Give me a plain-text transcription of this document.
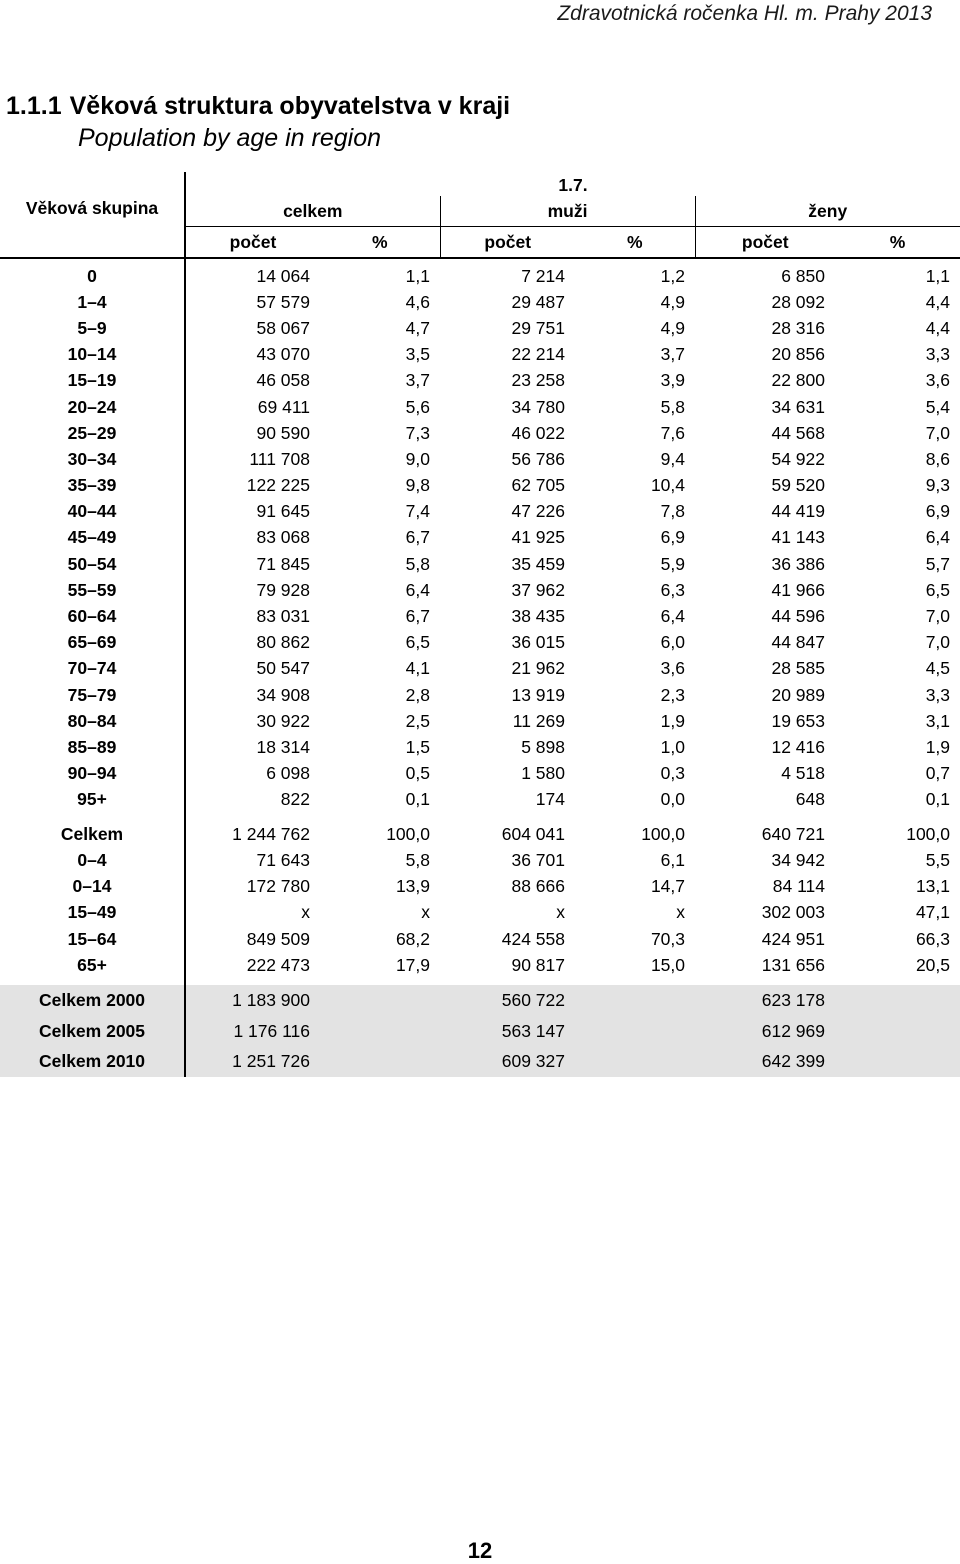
Zdravotnická ročenka Hl. m. Prahy 2013
1.1.1 Věková struktura obyvatelstva v kraji
Population by age in region
Věková skupina	1.7.					
	celkem		muži		ženy	
	počet	%	počet	%	počet	%
0	14 064	1,1	7 214	1,2	6 850	1,1
1–4	57 579	4,6	29 487	4,9	28 092	4,4
5–9	58 067	4,7	29 751	4,9	28 316	4,4
10–14	43 070	3,5	22 214	3,7	20 856	3,3
15–19	46 058	3,7	23 258	3,9	22 800	3,6
20–24	69 411	5,6	34 780	5,8	34 631	5,4
25–29	90 590	7,3	46 022	7,6	44 568	7,0
30–34	111 708	9,0	56 786	9,4	54 922	8,6
35–39	122 225	9,8	62 705	10,4	59 520	9,3
40–44	91 645	7,4	47 226	7,8	44 419	6,9
45–49	83 068	6,7	41 925	6,9	41 143	6,4
50–54	71 845	5,8	35 459	5,9	36 386	5,7
55–59	79 928	6,4	37 962	6,3	41 966	6,5
60–64	83 031	6,7	38 435	6,4	44 596	7,0
65–69	80 862	6,5	36 015	6,0	44 847	7,0
70–74	50 547	4,1	21 962	3,6	28 585	4,5
75–79	34 908	2,8	13 919	2,3	20 989	3,3
80–84	30 922	2,5	11 269	1,9	19 653	3,1
85–89	18 314	1,5	5 898	1,0	12 416	1,9
90–94	6 098	0,5	1 580	0,3	4 518	0,7
95+	822	0,1	174	0,0	648	0,1
Celkem	1 244 762	100,0	604 041	100,0	640 721	100,0
0–4	71 643	5,8	36 701	6,1	34 942	5,5
0–14	172 780	13,9	88 666	14,7	84 114	13,1
15–49	x	x	x	x	302 003	47,1
15–64	849 509	68,2	424 558	70,3	424 951	66,3
65+	222 473	17,9	90 817	15,0	131 656	20,5
Celkem 2000	1 183 900		560 722		623 178	
Celkem 2005	1 176 116		563 147		612 969	
Celkem 2010	1 251 726		609 327		642 399	
12
